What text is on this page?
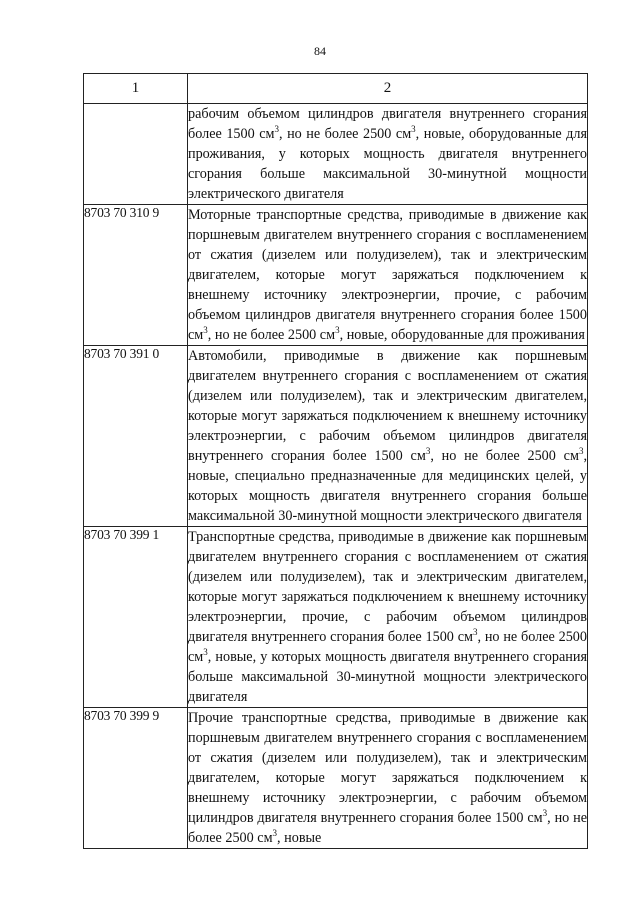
84
1	2
	рабочим объемом цилиндров двигателя внутреннего сгорания более 1500 $см^3$, но не более 2500 $см^3$, новые, оборудованные для проживания, у которых мощность двигателя внутреннего сгорания больше максимальной 30-минутной мощности электрического двигателя
8703 70 310 9	Моторные транспортные средства, приводимые в движение как поршневым двигателем внутреннего сгорания с воспламенением от сжатия (дизелем или полудизелем), так и электрическим двигателем, которые могут заряжаться подключением к внешнему источнику электроэнергии, прочие, с рабочим объемом цилиндров двигателя внутреннего сгорания более 1500 $см^3$, но не более 2500 $см^3$, новые, оборудованные для проживания
8703 70 391 0	Автомобили, приводимые в движение как поршневым двигателем внутреннего сгорания с воспламенением от сжатия (дизелем или полудизелем), так и электрическим двигателем, которые могут заряжаться подключением к внешнему источнику электроэнергии, с рабочим объемом цилиндров двигателя внутреннего сгорания более 1500 $см^3$, но не более 2500 $см^3$, новые, специально предназначенные для медицинских целей, у которых мощность двигателя внутреннего сгорания больше максимальной 30-минутной мощности электрического двигателя
8703 70 399 1	Транспортные средства, приводимые в движение как поршневым двигателем внутреннего сгорания с воспламенением от сжатия (дизелем или полудизелем), так и электрическим двигателем, которые могут заряжаться подключением к внешнему источнику электроэнергии, прочие, с рабочим объемом цилиндров двигателя внутреннего сгорания более 1500 $см^3$, но не более 2500 $см^3$, новые, у которых мощность двигателя внутреннего сгорания больше максимальной 30-минутной мощности электрического двигателя
8703 70 399 9	Прочие транспортные средства, приводимые в движение как поршневым двигателем внутреннего сгорания с воспламенением от сжатия (дизелем или полудизелем), так и электрическим двигателем, которые могут заряжаться подключением к внешнему источнику электроэнергии, с рабочим объемом цилиндров двигателя внутреннего сгорания более 1500 $см^3$, но не более 2500 $см^3$, новые
